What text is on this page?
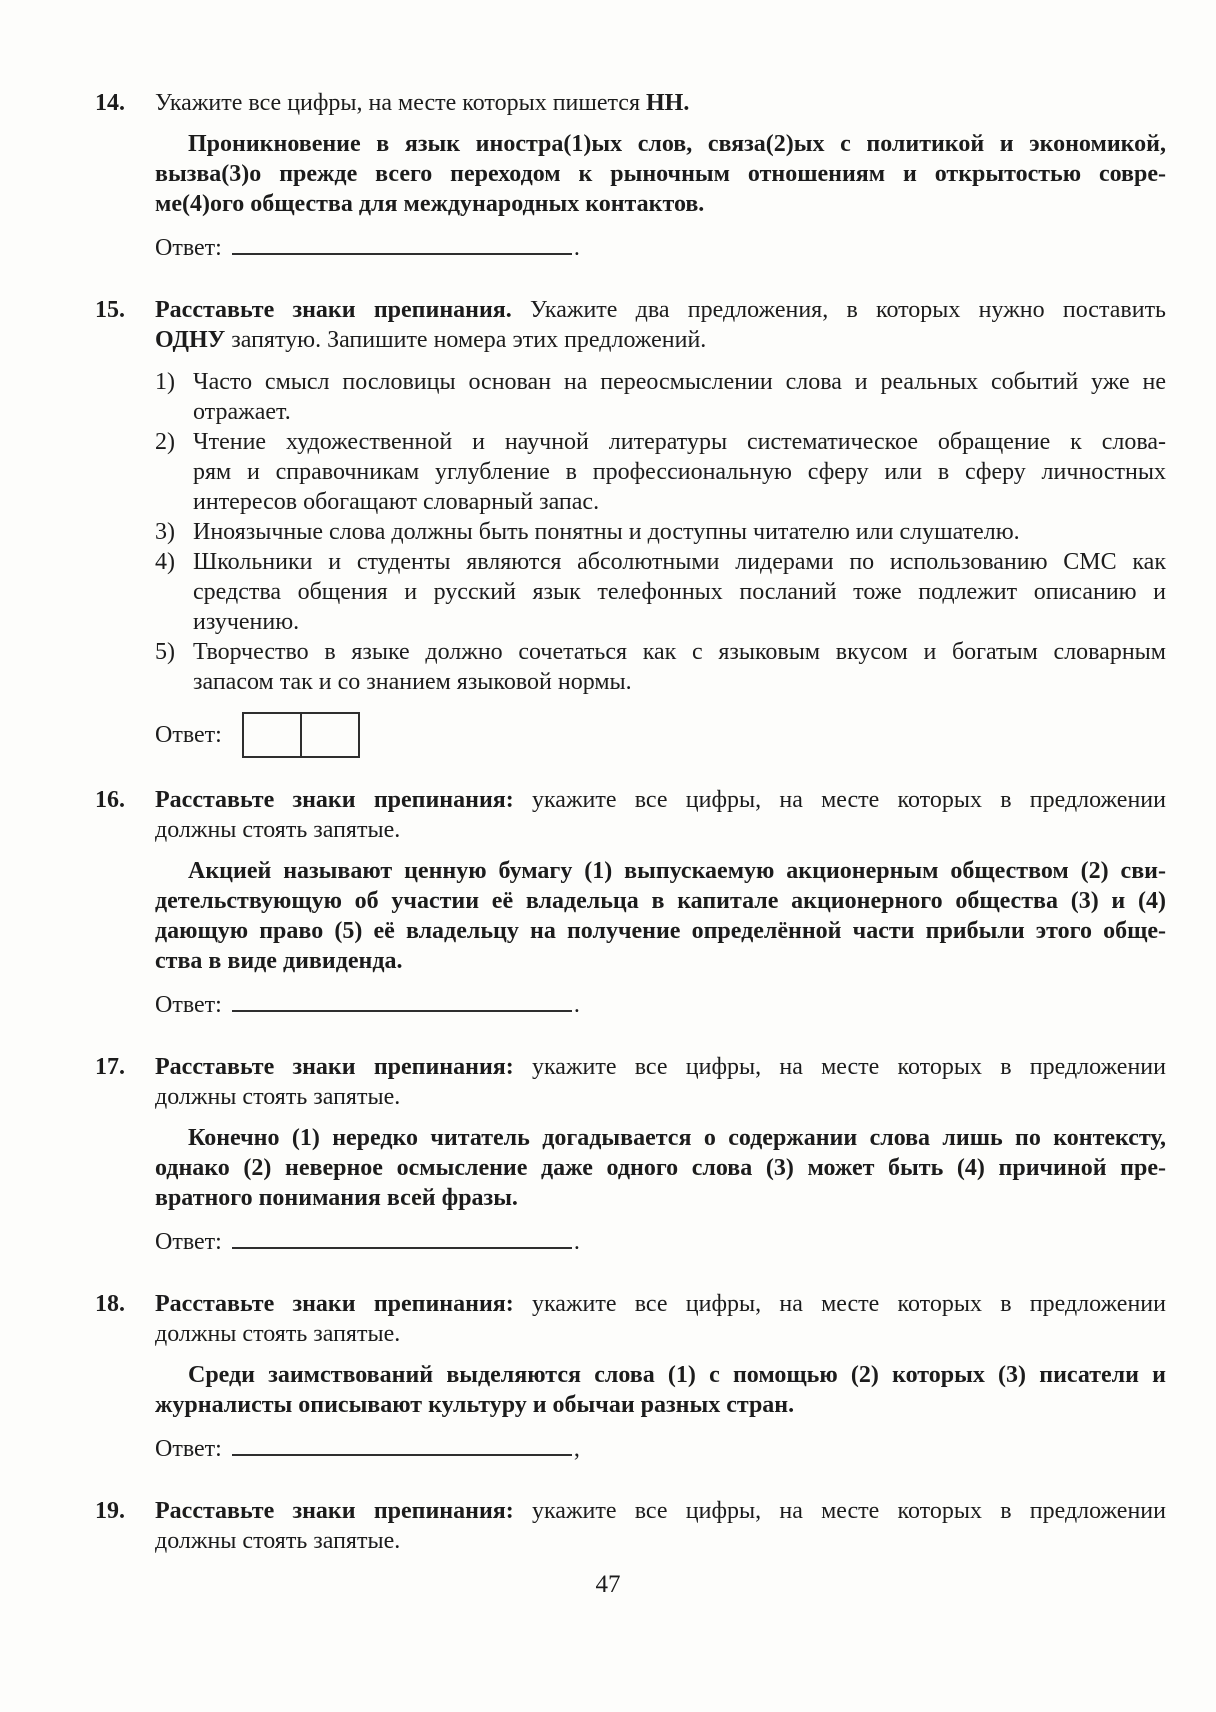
14.	Укажите все цифры, на месте которых пишется НН.
Проникновение в язык иностра(1)ых слов, связа(2)ых с политикой и экономикой,
вызва(3)о прежде всего переходом к рыночным отношениям и открытостью совре-
ме(4)ого общества для международных контактов.
Ответ:	.
15.	Расставьте знаки препинания. Укажите два предложения, в которых нужно поставить
ОДНУ запятую. Запишите номера этих предложений.
1) Часто смысл пословицы основан на переосмыслении слова и реальных событий уже не
отражает.
2) Чтение художественной и научной литературы систематическое обращение к слова-
рям и справочникам углубление в профессиональную сферу или в сферу личностных
интересов обогащают словарный запас.
3) Иноязычные слова должны быть понятны и доступны читателю или слушателю.
4) Школьники и студенты являются абсолютными лидерами по использованию СМС как
средства общения и русский язык телефонных посланий тоже подлежит описанию и
изучению.
5) Творчество в языке должно сочетаться как с языковым вкусом и богатым словарным
запасом так и со знанием языковой нормы.
Ответ:
16.	Расставьте знаки препинания: укажите все цифры, на месте которых в предложении
должны стоять запятые.
Акцией называют ценную бумагу (1) выпускаемую акционерным обществом (2) сви-
детельствующую об участии её владельца в капитале акционерного общества (3) и (4)
дающую право (5) её владельцу на получение определённой части прибыли этого обще-
ства в виде дивиденда.
Ответ:	.
17.	Расставьте знаки препинания: укажите все цифры, на месте которых в предложении
должны стоять запятые.
Конечно (1) нередко читатель догадывается о содержании слова лишь по контексту,
однако (2) неверное осмысление даже одного слова (3) может быть (4) причиной пре-
вратного понимания всей фразы.
Ответ:	.
18.	Расставьте знаки препинания: укажите все цифры, на месте которых в предложении
должны стоять запятые.
Среди заимствований выделяются слова (1) с помощью (2) которых (3) писатели и
журналисты описывают культуру и обычаи разных стран.
Ответ:	,
19.	Расставьте знаки препинания: укажите все цифры, на месте которых в предложении
должны стоять запятые.
47
